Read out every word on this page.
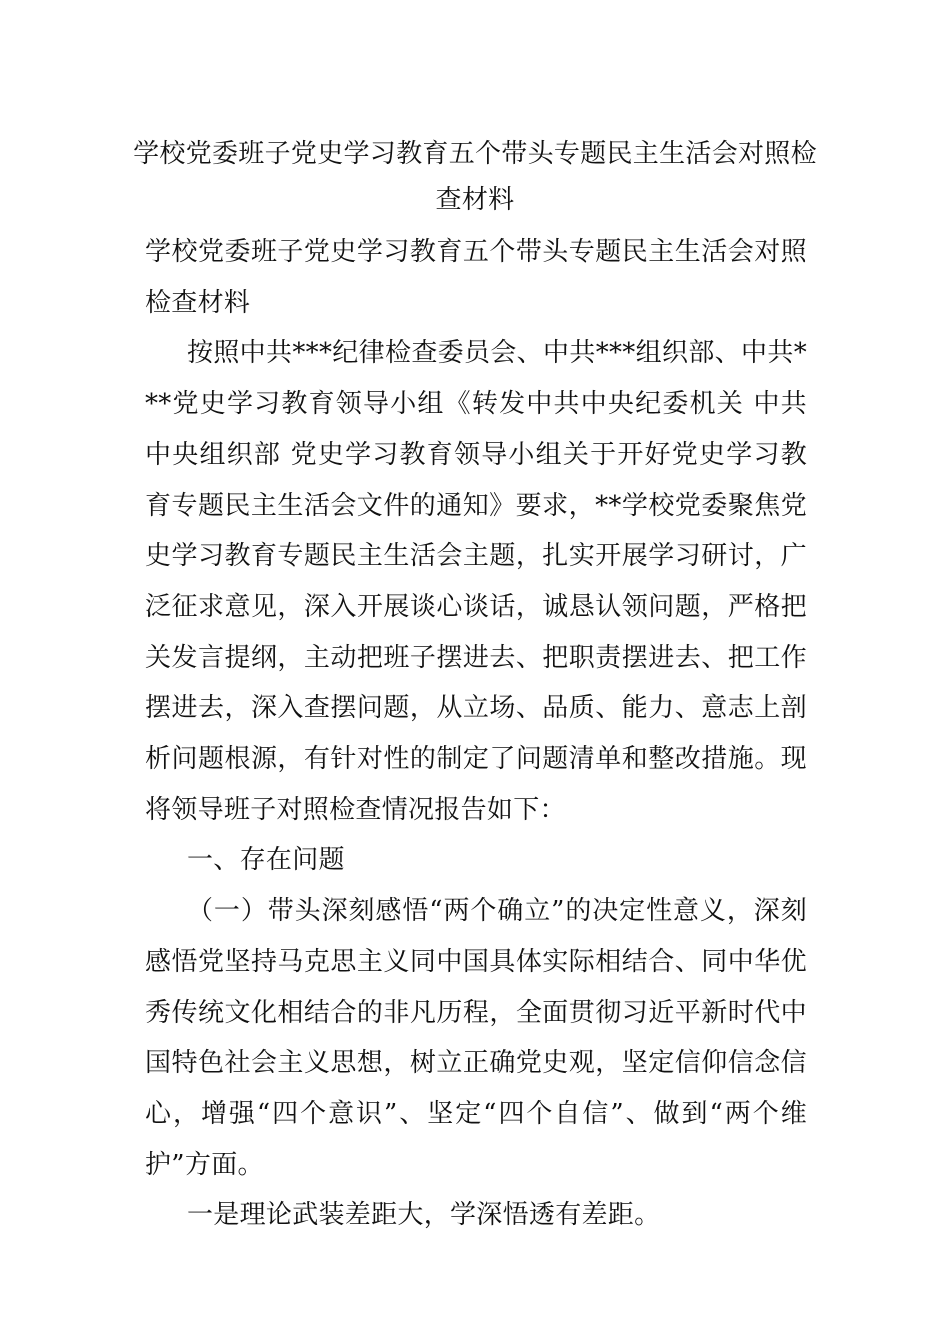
学校党委班子党史学习教育五个带头专题民主生活会对照检查材料

学校党委班子党史学习教育五个带头专题民主生活会对照检查材料

按照中共***纪律检查委员会、中共***组织部、中共***党史学习教育领导小组《转发中共中央纪委机关 中共中央组织部 党史学习教育领导小组关于开好党史学习教育专题民主生活会文件的通知》要求，**学校党委聚焦党史学习教育专题民主生活会主题，扎实开展学习研讨，广泛征求意见，深入开展谈心谈话，诚恳认领问题，严格把关发言提纲，主动把班子摆进去、把职责摆进去、把工作摆进去，深入查摆问题，从立场、品质、能力、意志上剖析问题根源，有针对性的制定了问题清单和整改措施。现将领导班子对照检查情况报告如下：

一、存在问题

（一）带头深刻感悟“两个确立”的决定性意义，深刻感悟党坚持马克思主义同中国具体实际相结合、同中华优秀传统文化相结合的非凡历程，全面贯彻习近平新时代中国特色社会主义思想，树立正确党史观，坚定信仰信念信心，增强“四个意识”、坚定“四个自信”、做到“两个维护”方面。

一是理论武装差距大，学深悟透有差距。
